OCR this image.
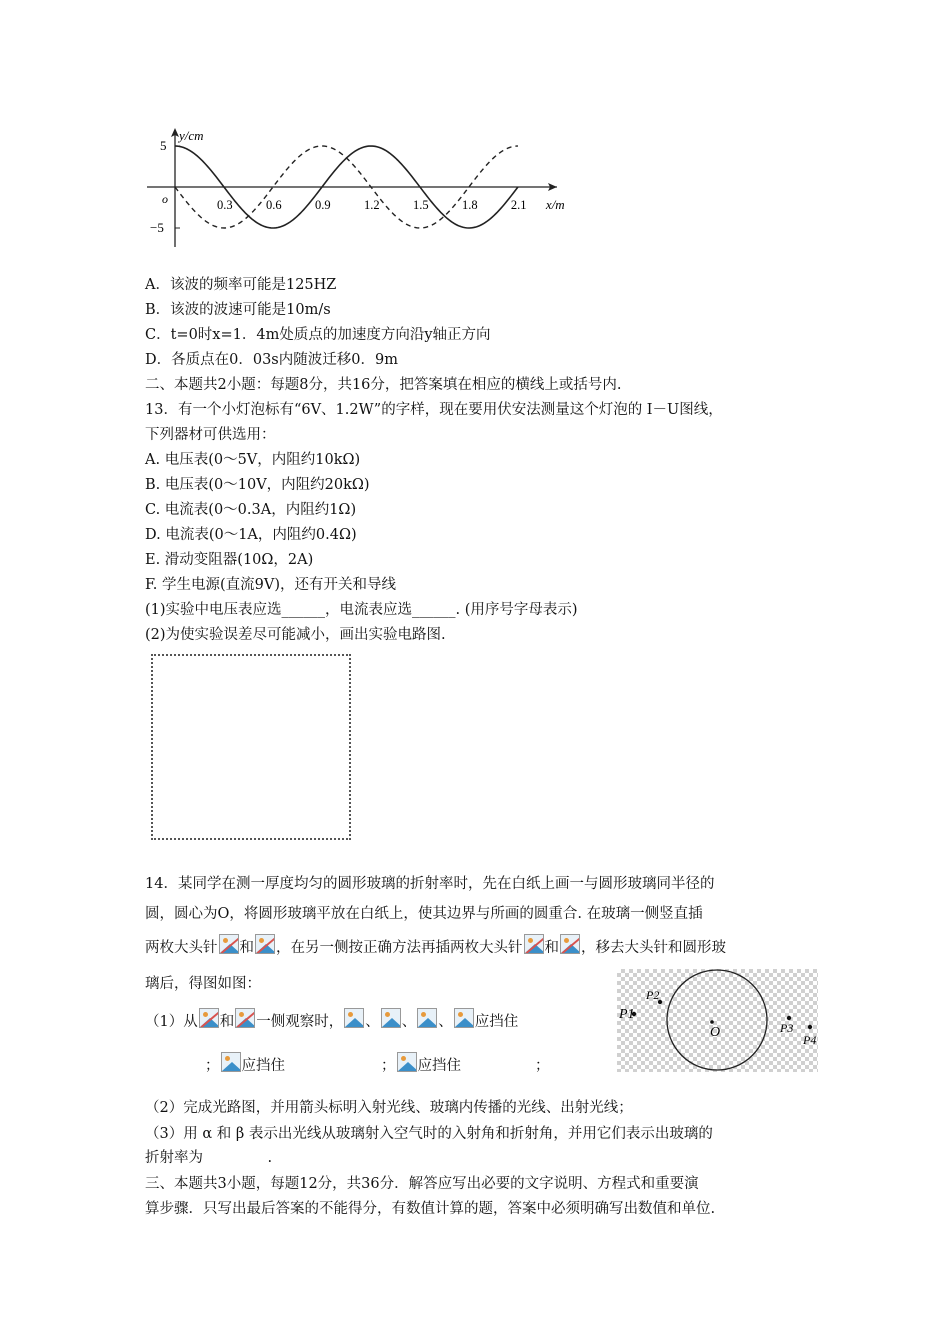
5
−5
o
y/cm
x/m
0.3	0.6	0.9	1.2	1.5	1.8	2.1
A．该波的频率可能是125HZ
B．该波的波速可能是10m/s
C．t=0时x=1．4m处质点的加速度方向沿y轴正方向
D．各质点在0．03s内随波迁移0．9m
二、本题共2小题：每题8分，共16分，把答案填在相应的横线上或括号内.
13．有一个小灯泡标有“6V、1.2W”的字样，现在要用伏安法测量这个灯泡的 I－U图线，
下列器材可供选用：
A. 电压表(0～5V，内阻约10kΩ)
B. 电压表(0～10V，内阻约20kΩ)
C. 电流表(0～0.3A，内阻约1Ω)
D. 电流表(0～1A，内阻约0.4Ω)
E. 滑动变阻器(10Ω，2A)
F. 学生电源(直流9V)，还有开关和导线
(1)实验中电压表应选______，电流表应选______. (用序号字母表示)
(2)为使实验误差尽可能减小，画出实验电路图.
14．某同学在测一厚度均匀的圆形玻璃的折射率时，先在白纸上画一与圆形玻璃同半径的
圆，圆心为O，将圆形玻璃平放在白纸上，使其边界与所画的圆重合. 在玻璃一侧竖直插
两枚大头针 和 ，在另一侧按正确方法再插两枚大头针 和 ，移去大头针和圆形玻
璃后，得图如图：
（1）从 和 一侧观察时， 、 、 、 应挡住
； 应挡住	； 应挡住	；
P1
P2
O	P3
P4
（2）完成光路图，并用箭头标明入射光线、玻璃内传播的光线、出射光线；
（3）用 α 和 β 表示出光线从玻璃射入空气时的入射角和折射角，并用它们表示出玻璃的
折射率为              .
三、本题共3小题，每题12分，共36分．解答应写出必要的文字说明、方程式和重要演
算步骤．只写出最后答案的不能得分，有数值计算的题，答案中必须明确写出数值和单位.
